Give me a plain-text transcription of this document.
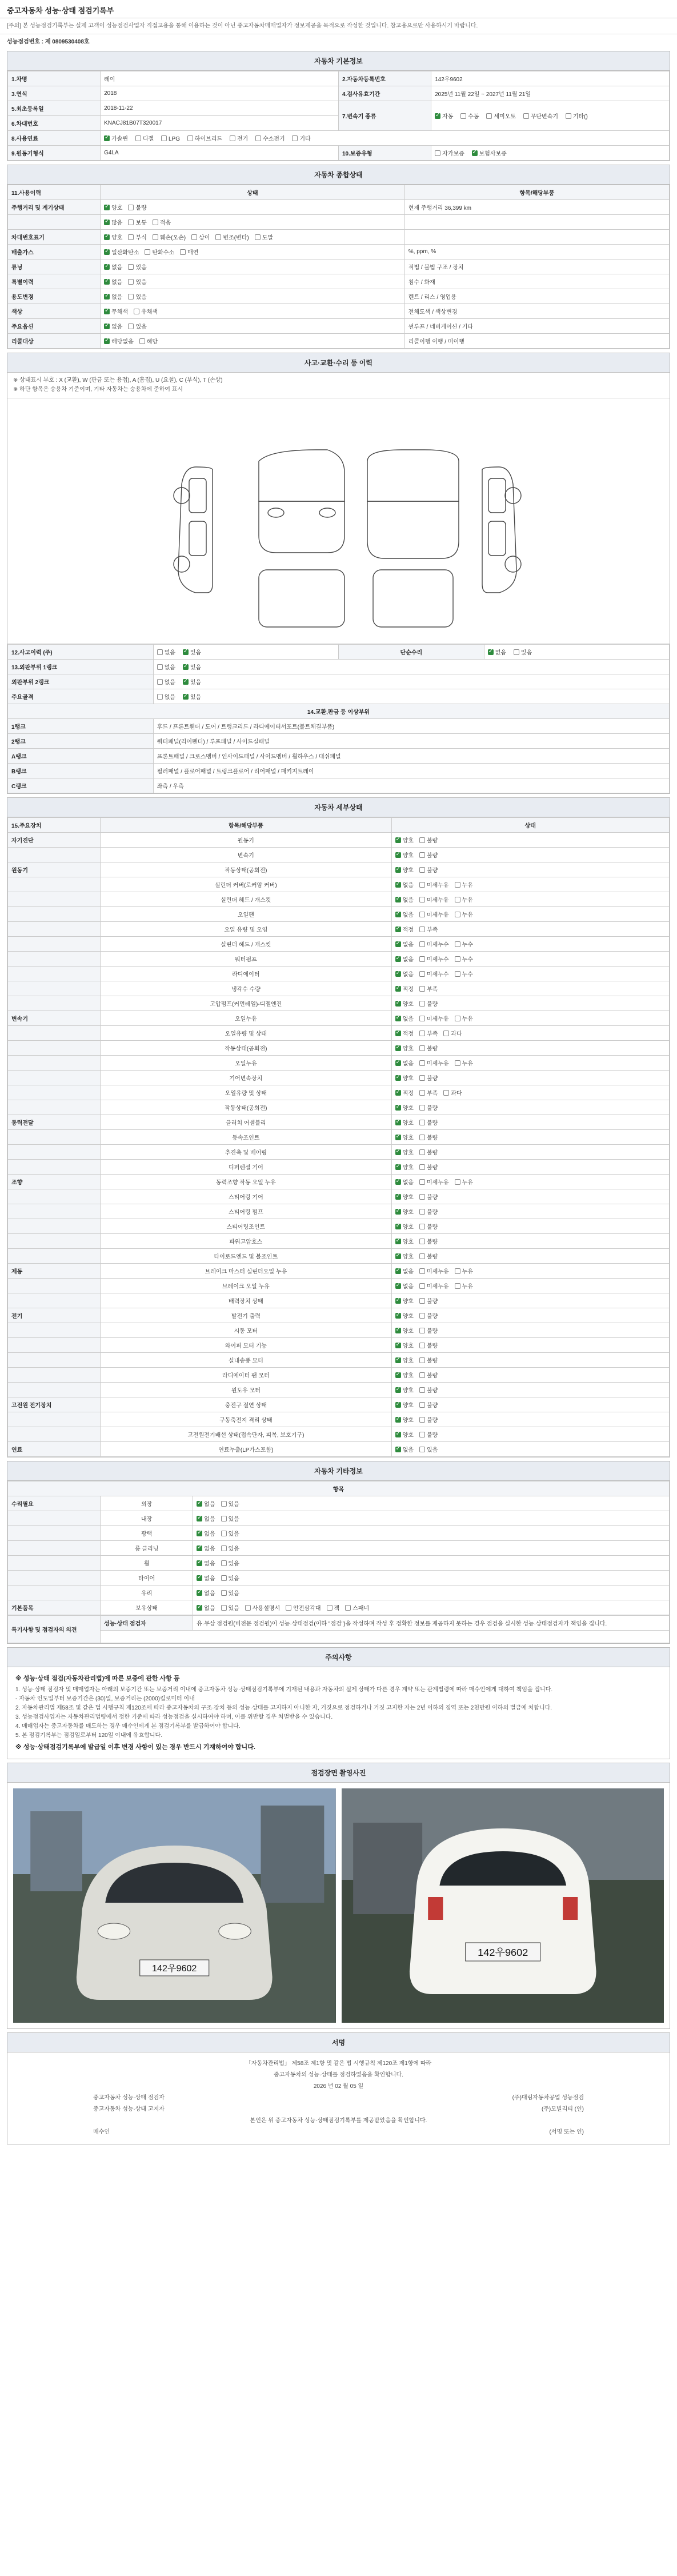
중고자동차 성능·상태 점검기록부
[주의] 본 성능점검기록부는 실제 고객이 성능점검사업자 직접고용을 통해 이용하는 것이 아닌 중고자동차매매업자가 정보제공을 목적으로 작성한 것입니다. 참고용으로만 사용하시기 바랍니다.
성능점검번호 : 제 0809530408호
자동차 기본정보
1.차명	레이	2.자동차등록번호	142우9602
3.연식	2018	4.검사유효기간	2025년 11월 22일 ~ 2027년 11월 21일
5.최초등록일	2018-11-22	7.변속기 종류	✓자동 수동 세미오토 무단변속기 기타()
6.차대번호	KNACJ81B07T320017		
8.사용연료	✓가솔린 디젤 LPG 하이브리드 전기 수소전기 기타
9.원동기형식	G4LA	10.보증유형	자가보증 ✓ 보험사보증
자동차 종합상태
11.사용이력	상태	항목/해당부품
주행거리 및 계기상태	✓양호 불량	현재 주행거리 36,399 km
	✓많음 보통 적음	
차대번호표기	✓양호 부식 훼손(오손) 상이 변조(변타) 도말	
배출가스	✓일산화탄소 탄화수소 매연	%, ppm, %
튜닝	✓없음 있음	적법 / 불법 구조 / 장치
특별이력	✓없음 있음	침수 / 화재
용도변경	✓없음 있음	렌트 / 리스 / 영업용
색상	✓무채색 유채색	전체도색 / 색상변경
주요옵션	✓없음 있음	썬루프 / 네비게이션 / 기타
리콜대상	✓해당없음 해당	리콜이행 이행 / 미이행
사고·교환·수리 등 이력
※ 상태표시 부호 : X (교환), W (판금 또는 용접), A (흠집), U (요철), C (부식), T (손상)
※ 하단 항목은 승용차 기준이며, 기타 자동차는 승용차에 준하여 표시
12.사고이력 (주)	없음 ✓ 있음	단순수리	✓없음 있음
13.외판부위 1랭크	없음 ✓ 있음
외판부위 2랭크	없음 ✓ 있음
주요골격	없음 ✓ 있음
14.교환,판금 등 이상부위			
1랭크	후드 / 프론트휀더 / 도어 / 트렁크리드 / 라디에이터서포트(볼트체결부품)		
2랭크	쿼터패널(리어펜더) / 루프패널 / 사이드실패널		
A랭크	프론트패널 / 크로스멤버 / 인사이드패널 / 사이드멤버 / 휠하우스 / 대쉬패널		
B랭크	필러패널 / 플로어패널 / 트렁크플로어 / 리어패널 / 패키지트레이		
C랭크	좌측 / 우측		
자동차 세부상태
15.주요장치	항목/해당부품	상태
자기진단	원동기	✓양호 불량
	변속기	✓양호 불량
원동기	작동상태(공회전)	✓양호 불량
	실린더 커버(로커암 커버)	✓없음 미세누유 누유
	실린더 헤드 / 개스킷	✓없음 미세누유 누유
	오일팬	✓없음 미세누유 누유
	오일 유량 및 오염	✓적정 부족
	실린더 헤드 / 개스킷	✓없음 미세누수 누수
	워터펌프	✓없음 미세누수 누수
	라디에이터	✓없음 미세누수 누수
	냉각수 수량	✓적정 부족
	고압펌프(커먼레일)-디젤엔진	✓양호 불량
변속기	오일누유	✓없음 미세누유 누유
	오일유량 및 상태	✓적정 부족 과다
	작동상태(공회전)	✓양호 불량
	오일누유	✓없음 미세누유 누유
	기어변속장치	✓양호 불량
	오일유량 및 상태	✓적정 부족 과다
	작동상태(공회전)	✓양호 불량
동력전달	클러치 어셈블리	✓양호 불량
	등속조인트	✓양호 불량
	추진축 및 베어링	✓양호 불량
	디퍼렌셜 기어	✓양호 불량
조향	동력조향 작동 오일 누유	✓없음 미세누유 누유
	스티어링 기어	✓양호 불량
	스티어링 펌프	✓양호 불량
	스티어링조인트	✓양호 불량
	파워고압호스	✓양호 불량
	타이로드엔드 및 볼조인트	✓양호 불량
제동	브레이크 마스터 실린더오일 누유	✓없음 미세누유 누유
	브레이크 오일 누유	✓없음 미세누유 누유
	배력장치 상태	✓양호 불량
전기	발전기 출력	✓양호 불량
	시동 모터	✓양호 불량
	와이퍼 모터 기능	✓양호 불량
	실내송풍 모터	✓양호 불량
	라디에이터 팬 모터	✓양호 불량
	윈도우 모터	✓양호 불량
고전원 전기장치	충전구 절연 상태	✓양호 불량
	구동축전지 격리 상태	✓양호 불량
	고전원전기배선 상태(접속단자, 피복, 보호기구)	✓양호 불량
연료	연료누출(LP가스포함)	✓없음 있음
자동차 기타정보
항목		
수리필요	외장	✓없음 있음
	내장	✓없음 있음
	광택	✓없음 있음
	룸 클리닝	✓없음 있음
	휠	✓없음 있음
	타이어	✓없음 있음
	유리	✓없음 있음
기본품목	보유상태	✓없음 있음 사용설명서 안전삼각대 잭 스패너
특기사항 및 점검자의 의견	성능·상태 점검자	유·무상 점검원(비전문 점검원)이 성능·상태점검(이하 "점검")을 작성하며 작성 후 정확한 정보를 제공하지 못하는 경우 점검을 실시한 성능·상태점검자가 책임을 집니다.

주의사항
※ 성능·상태 점검(자동차관리법)에 따른 보증에 관한 사항 등
1. 성능·상태 점검자 및 매매업자는 아래의 보증기간 또는 보증거리 이내에 중고자동차 성능·상태점검기록부에 기재된 내용과 자동차의 실제 상태가 다른 경우 계약 또는 관계법령에 따라 매수인에게 대하여 책임을 집니다.
- 자동차 인도일부터 보증기간은 (30)일, 보증거리는 (2000)킬로미터 이내
2. 자동차관리법 제58조 및 같은 법 시행규칙 제120조에 따라 중고자동차의 구조·장치 등의 성능·상태를 고지하지 아니한 자, 거짓으로 점검하거나 거짓 고지한 자는 2년 이하의 징역 또는 2천만원 이하의 벌금에 처합니다.
3. 성능점검사업자는 자동차관리법령에서 정한 기준에 따라 성능점검을 실시하여야 하며, 이를 위반할 경우 처벌받을 수 있습니다.
4. 매매업자는 중고자동차를 매도하는 경우 매수인에게 본 점검기록부를 발급하여야 합니다.
5. 본 점검기록부는 점검일로부터 120일 이내에 유효합니다.
※ 성능·상태점검기록부에 발급일 이후 변경 사항이 있는 경우 반드시 기재하여야 합니다.
점검장면 촬영사진
142우9602
142우9602
서명
「자동차관리법」 제58조 제1항 및 같은 법 시행규칙 제120조 제1항에 따라
중고자동차의 성능·상태를 점검하였음을 확인합니다.
2026 년 02 월 05 일
중고자동차 성능·상태 점검자	(주)대림자동차공업 성능점검
중고자동차 성능·상태 고지자	(주)모빌리티 (인)
본인은 위 중고자동차 성능·상태점검기록부를 제공받았음을 확인합니다.
매수인	(서명 또는 인)
